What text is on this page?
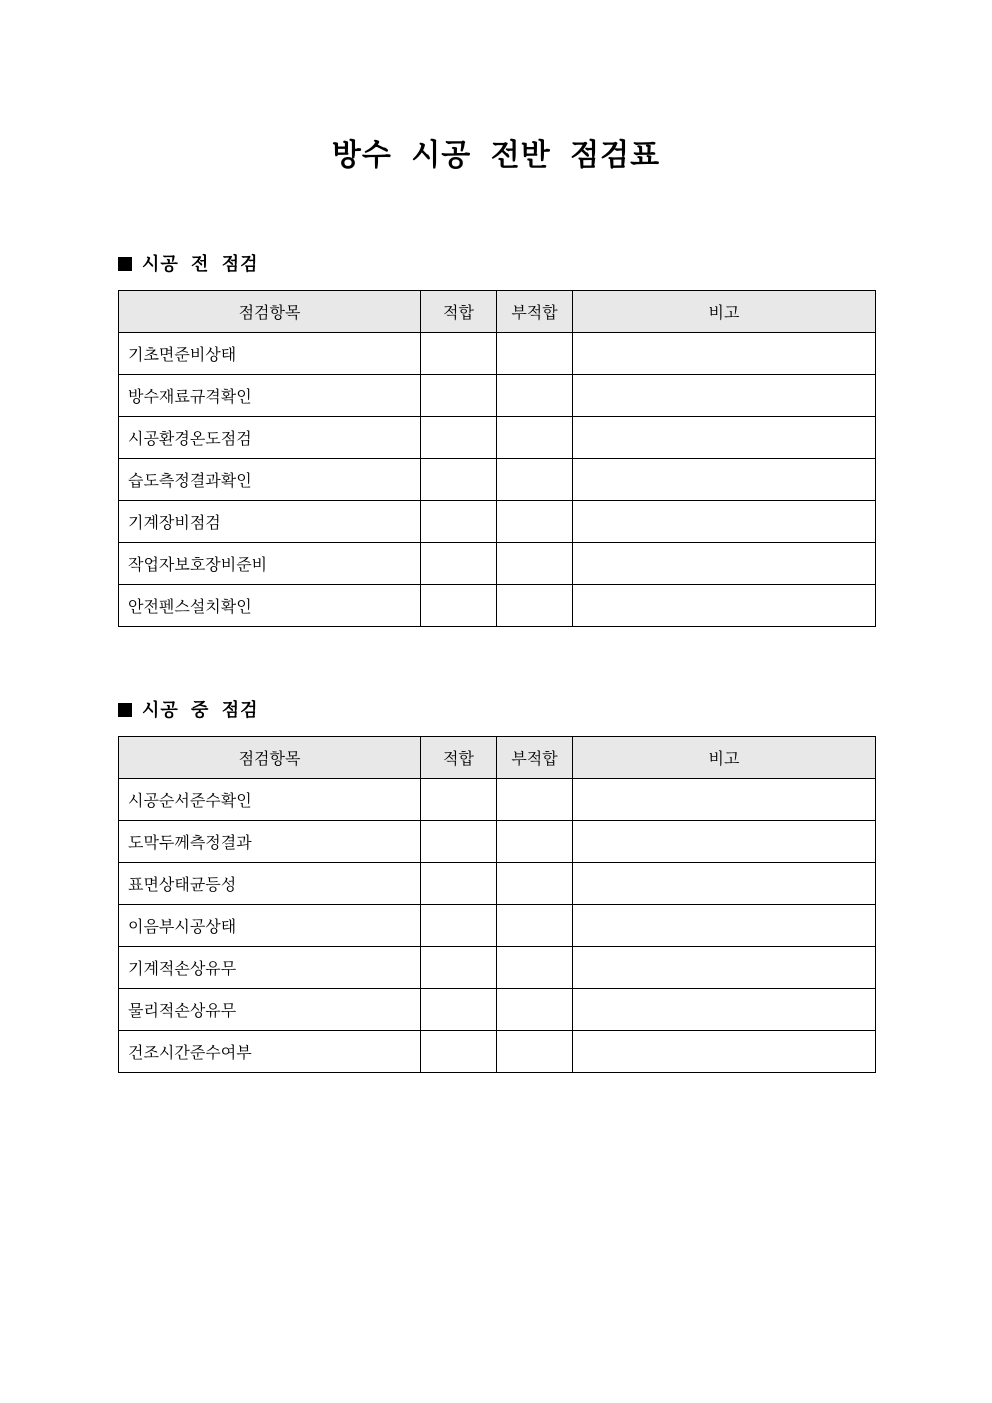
방수 시공 전반 점검표
시공 전 점검
점검항목	적합	부적합	비고
기초면준비상태			
방수재료규격확인			
시공환경온도점검			
습도측정결과확인			
기계장비점검			
작업자보호장비준비			
안전펜스설치확인			
시공 중 점검
점검항목	적합	부적합	비고
시공순서준수확인			
도막두께측정결과			
표면상태균등성			
이음부시공상태			
기계적손상유무			
물리적손상유무			
건조시간준수여부			
